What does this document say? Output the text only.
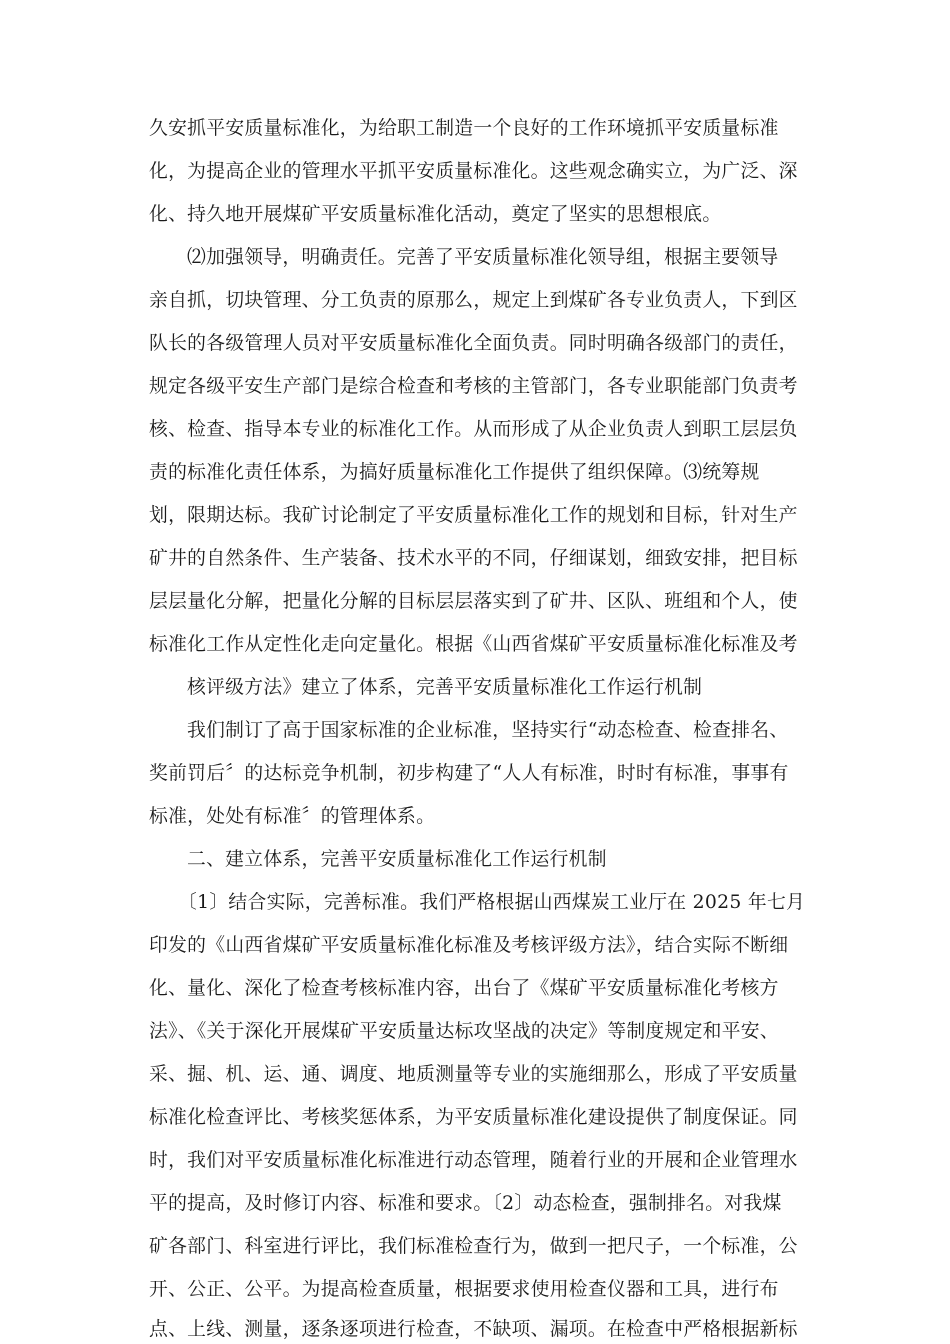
久安抓平安质量标准化，为给职工制造一个良好的工作环境抓平安质量标准
化，为提高企业的管理水平抓平安质量标准化。这些观念确实立，为广泛、深
化、持久地开展煤矿平安质量标准化活动，奠定了坚实的思想根底。
⑵加强领导，明确责任。完善了平安质量标准化领导组，根据主要领导
亲自抓，切块管理、分工负责的原那么，规定上到煤矿各专业负责人，下到区
队长的各级管理人员对平安质量标准化全面负责。同时明确各级部门的责任，
规定各级平安生产部门是综合检查和考核的主管部门，各专业职能部门负责考
核、检查、指导本专业的标准化工作。从而形成了从企业负责人到职工层层负
责的标准化责任体系，为搞好质量标准化工作提供了组织保障。⑶统筹规
划，限期达标。我矿讨论制定了平安质量标准化工作的规划和目标，针对生产
矿井的自然条件、生产装备、技术水平的不同，仔细谋划，细致安排，把目标
层层量化分解，把量化分解的目标层层落实到了矿井、区队、班组和个人，使
标准化工作从定性化走向定量化。根据《山西省煤矿平安质量标准化标准及考
核评级方法》建立了体系，完善平安质量标准化工作运行机制
我们制订了高于国家标准的企业标准，坚持实行“动态检查、检查排名、
奖前罚后〞的达标竞争机制，初步构建了“人人有标准，时时有标准，事事有
标准，处处有标准〞的管理体系。
二、建立体系，完善平安质量标准化工作运行机制
〔1〕结合实际，完善标准。我们严格根据山西煤炭工业厅在 2025 年七月
印发的《山西省煤矿平安质量标准化标准及考核评级方法》，结合实际不断细
化、量化、深化了检查考核标准内容，出台了《煤矿平安质量标准化考核方
法》、《关于深化开展煤矿平安质量达标攻坚战的决定》等制度规定和平安、
采、掘、机、运、通、调度、地质测量等专业的实施细那么，形成了平安质量
标准化检查评比、考核奖惩体系，为平安质量标准化建设提供了制度保证。同
时，我们对平安质量标准化标准进行动态管理，随着行业的开展和企业管理水
平的提高，及时修订内容、标准和要求。〔2〕动态检查，强制排名。对我煤
矿各部门、科室进行评比，我们标准检查行为，做到一把尺子，一个标准，公
开、公正、公平。为提高检查质量，根据要求使用检查仪器和工具，进行布
点、上线、测量，逐条逐项进行检查，不缺项、漏项。在检查中严格根据新标
